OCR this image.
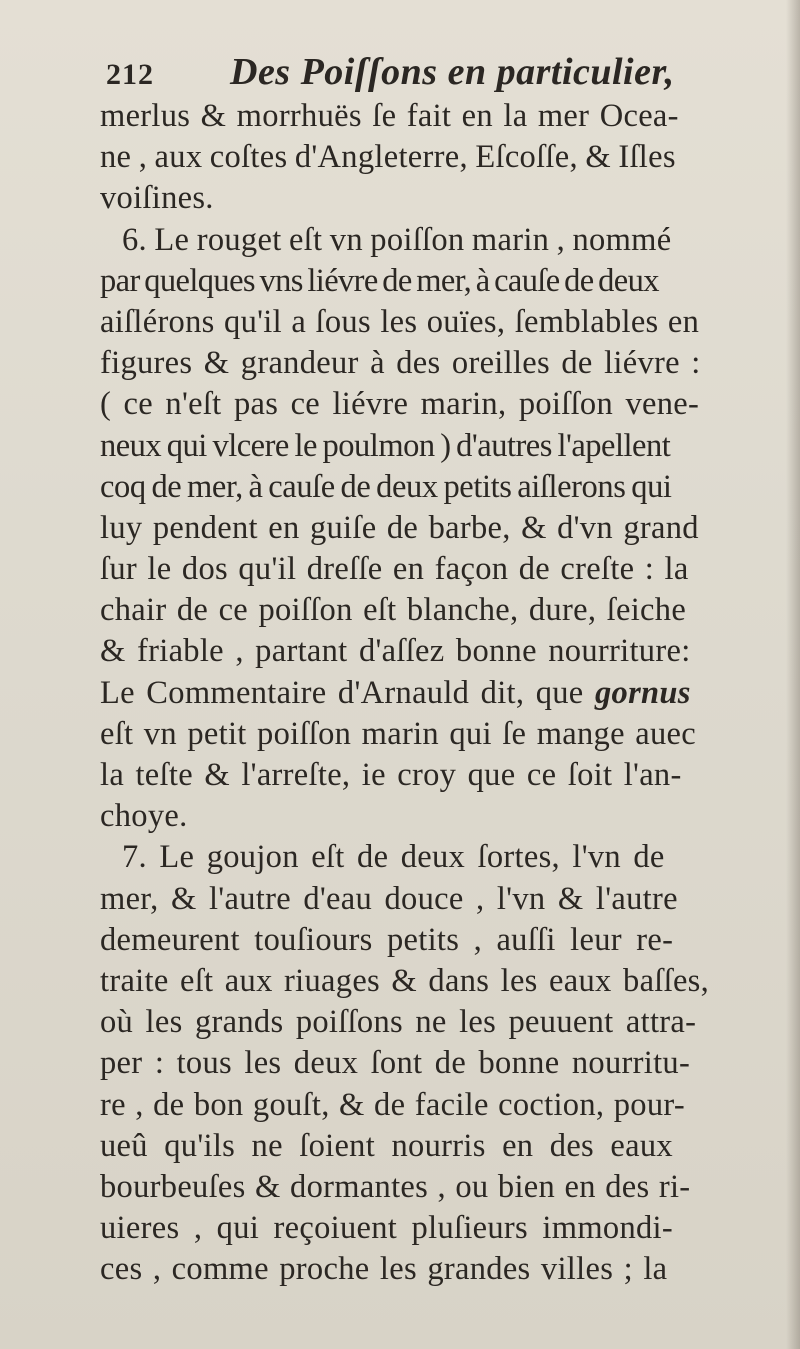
212 Des Poiſſons en particulier,
merlus & morrhuës ſe fait en la mer Ocea-
ne , aux coſtes d'Angleterre, Eſcoſſe, & Iſles
voiſines.
6. Le rouget eſt vn poiſſon marin , nommé
par quelques vns liévre de mer, à cauſe de deux
aiſlérons qu'il a ſous les ouïes, ſemblables en
figures & grandeur à des oreilles de liévre :
( ce n'eſt pas ce liévre marin, poiſſon vene-
neux qui vlcere le poulmon ) d'autres l'apellent
coq de mer, à cauſe de deux petits aiſlerons qui
luy pendent en guiſe de barbe, & d'vn grand
ſur le dos qu'il dreſſe en façon de creſte : la
chair de ce poiſſon eſt blanche, dure, ſeiche
& friable , partant d'aſſez bonne nourriture:
Le Commentaire d'Arnauld dit, que gornus
eſt vn petit poiſſon marin qui ſe mange auec
la teſte & l'arreſte, ie croy que ce ſoit l'an-
choye.
7. Le goujon eſt de deux ſortes, l'vn de
mer, & l'autre d'eau douce , l'vn & l'autre
demeurent touſiours petits , auſſi leur re-
traite eſt aux riuages & dans les eaux baſſes,
où les grands poiſſons ne les peuuent attra-
per : tous les deux ſont de bonne nourritu-
re , de bon gouſt, & de facile coction, pour-
ueû qu'ils ne ſoient nourris en des eaux
bourbeuſes & dormantes , ou bien en des ri-
uieres , qui reçoiuent pluſieurs immondi-
ces , comme proche les grandes villes ; la
